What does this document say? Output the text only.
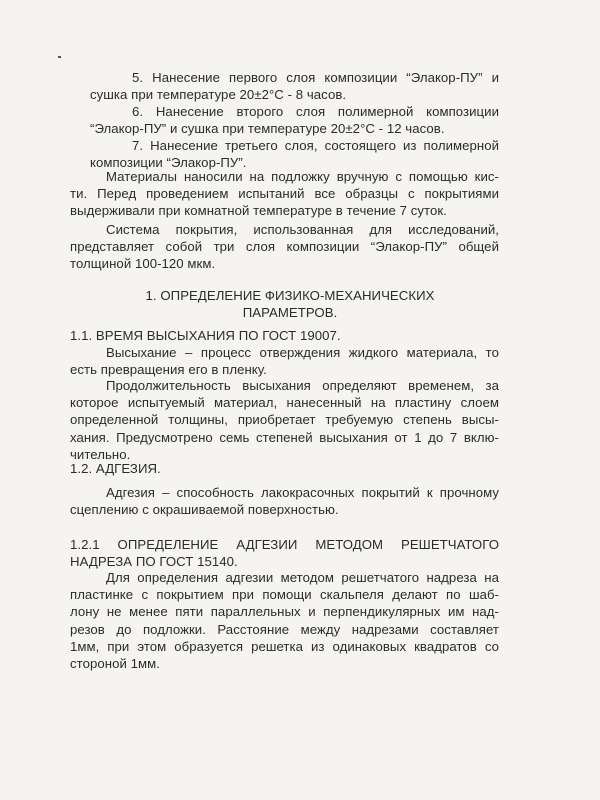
5. Нанесение первого слоя композиции “Элакор-ПУ” и
сушка при температуре 20±2°С - 8 часов.
6. Нанесение второго слоя полимерной композиции
“Элакор-ПУ” и сушка при температуре 20±2°С - 12 часов.
7. Нанесение третьего слоя, состоящего из полимерной
композиции “Элакор-ПУ”.
Материалы наносили на подложку вручную с помощью кис-
ти. Перед проведением испытаний все образцы с покрытиями
выдерживали при комнатной температуре в течение 7 суток.
Система покрытия, использованная для исследований,
представляет собой три слоя композиции “Элакор-ПУ” общей
толщиной 100-120 мкм.
1. ОПРЕДЕЛЕНИЕ ФИЗИКО-МЕХАНИЧЕСКИХ
ПАРАМЕТРОВ.
1.1. ВРЕМЯ ВЫСЫХАНИЯ ПО ГОСТ 19007.
Высыхание – процесс отверждения жидкого материала, то
есть превращения его в пленку.
Продолжительность высыхания определяют временем, за
которое испытуемый материал, нанесенный на пластину слоем
определенной толщины, приобретает требуемую степень высы-
хания. Предусмотрено семь степеней высыхания от 1 до 7 вклю-
чительно.
1.2. АДГЕЗИЯ.
Адгезия – способность лакокрасочных покрытий к прочному
сцеплению с окрашиваемой поверхностью.
1.2.1 ОПРЕДЕЛЕНИЕ АДГЕЗИИ МЕТОДОМ РЕШЕТЧАТОГО
НАДРЕЗА ПО ГОСТ 15140.
Для определения адгезии методом решетчатого надреза на
пластинке с покрытием при помощи скальпеля делают по шаб-
лону не менее пяти параллельных и перпендикулярных им над-
резов до подложки. Расстояние между надрезами составляет
1мм, при этом образуется решетка из одинаковых квадратов со
стороной 1мм.
